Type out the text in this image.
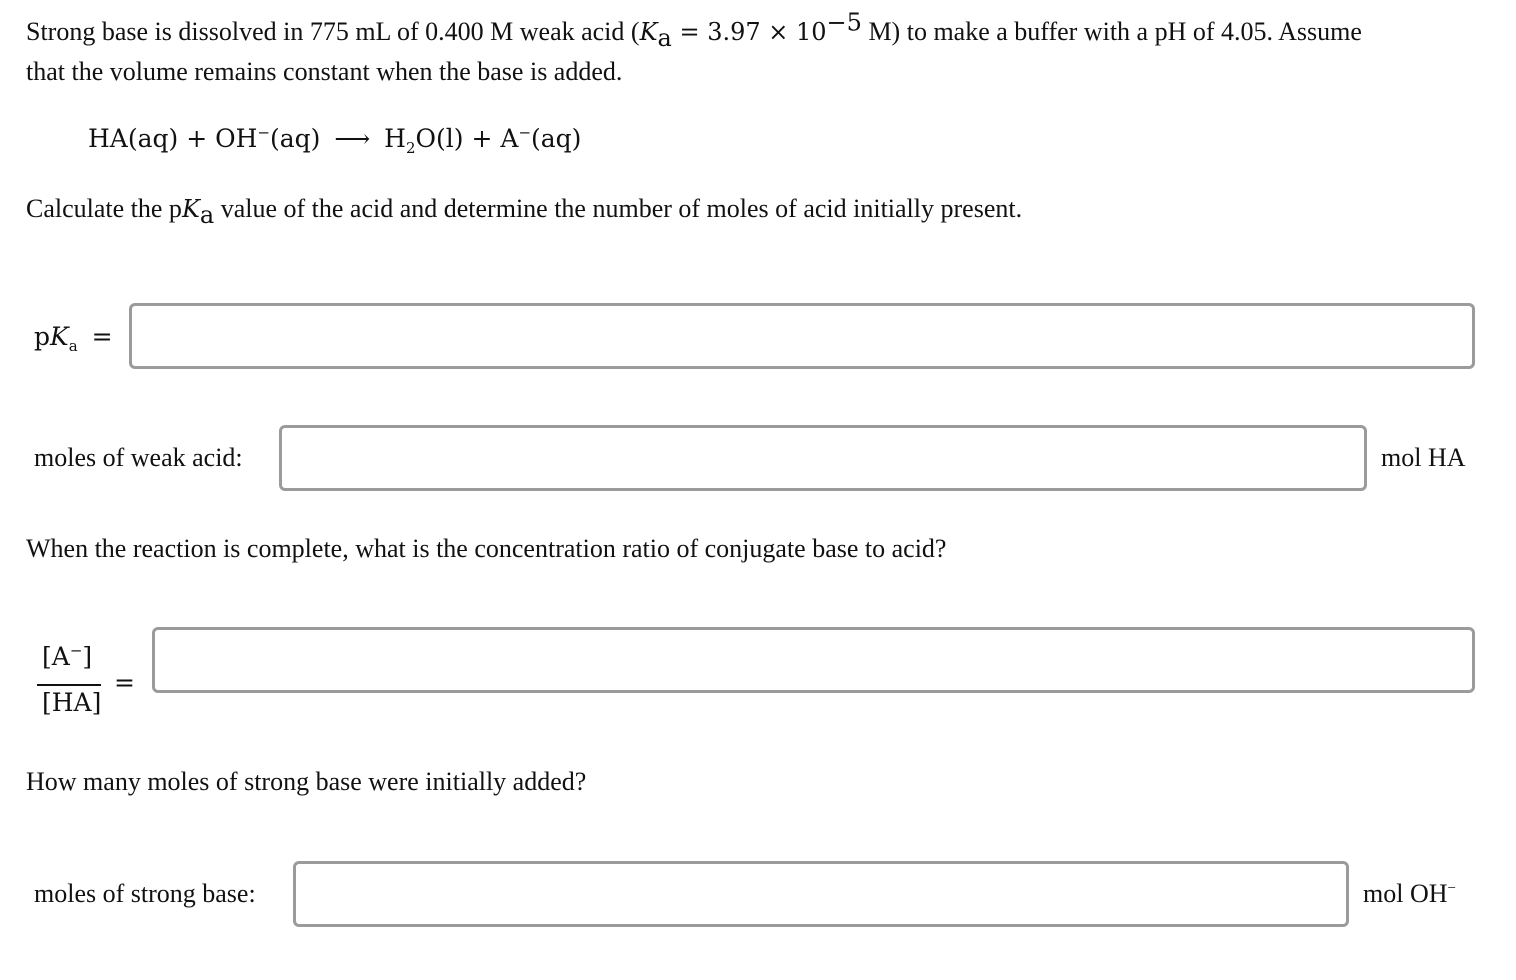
Strong base is dissolved in 775 mL of 0.400 M weak acid ($K_a = 3.97 \times 10^{-5}$ M) to make a buffer with a pH of 4.05. Assume
that the volume remains constant when the base is added.
HA(aq) + OH−(aq) ⟶ $H_2O(l) + A^-(aq)$
Calculate the $pK_a$ value of the acid and determine the number of moles of acid initially present.
$pK_a$ =
moles of weak acid:	mol HA
When the reaction is complete, what is the concentration ratio of conjugate base to acid?
[A−]
[HA]
=
How many moles of strong base were initially added?
moles of strong base:	mol OH−
